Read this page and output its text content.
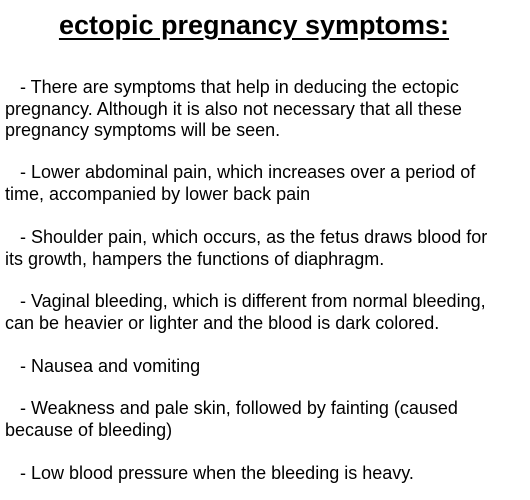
ectopic pregnancy symptoms:

- There are symptoms that help in deducing the ectopic pregnancy. Although it is also not necessary that all these pregnancy symptoms will be seen.

- Lower abdominal pain, which increases over a period of time, accompanied by lower back pain

- Shoulder pain, which occurs, as the fetus draws blood for its growth, hampers the functions of diaphragm.

- Vaginal bleeding, which is different from normal bleeding, can be heavier or lighter and the blood is dark colored.

- Nausea and vomiting

- Weakness and pale skin, followed by fainting (caused because of bleeding)

- Low blood pressure when the bleeding is heavy.
